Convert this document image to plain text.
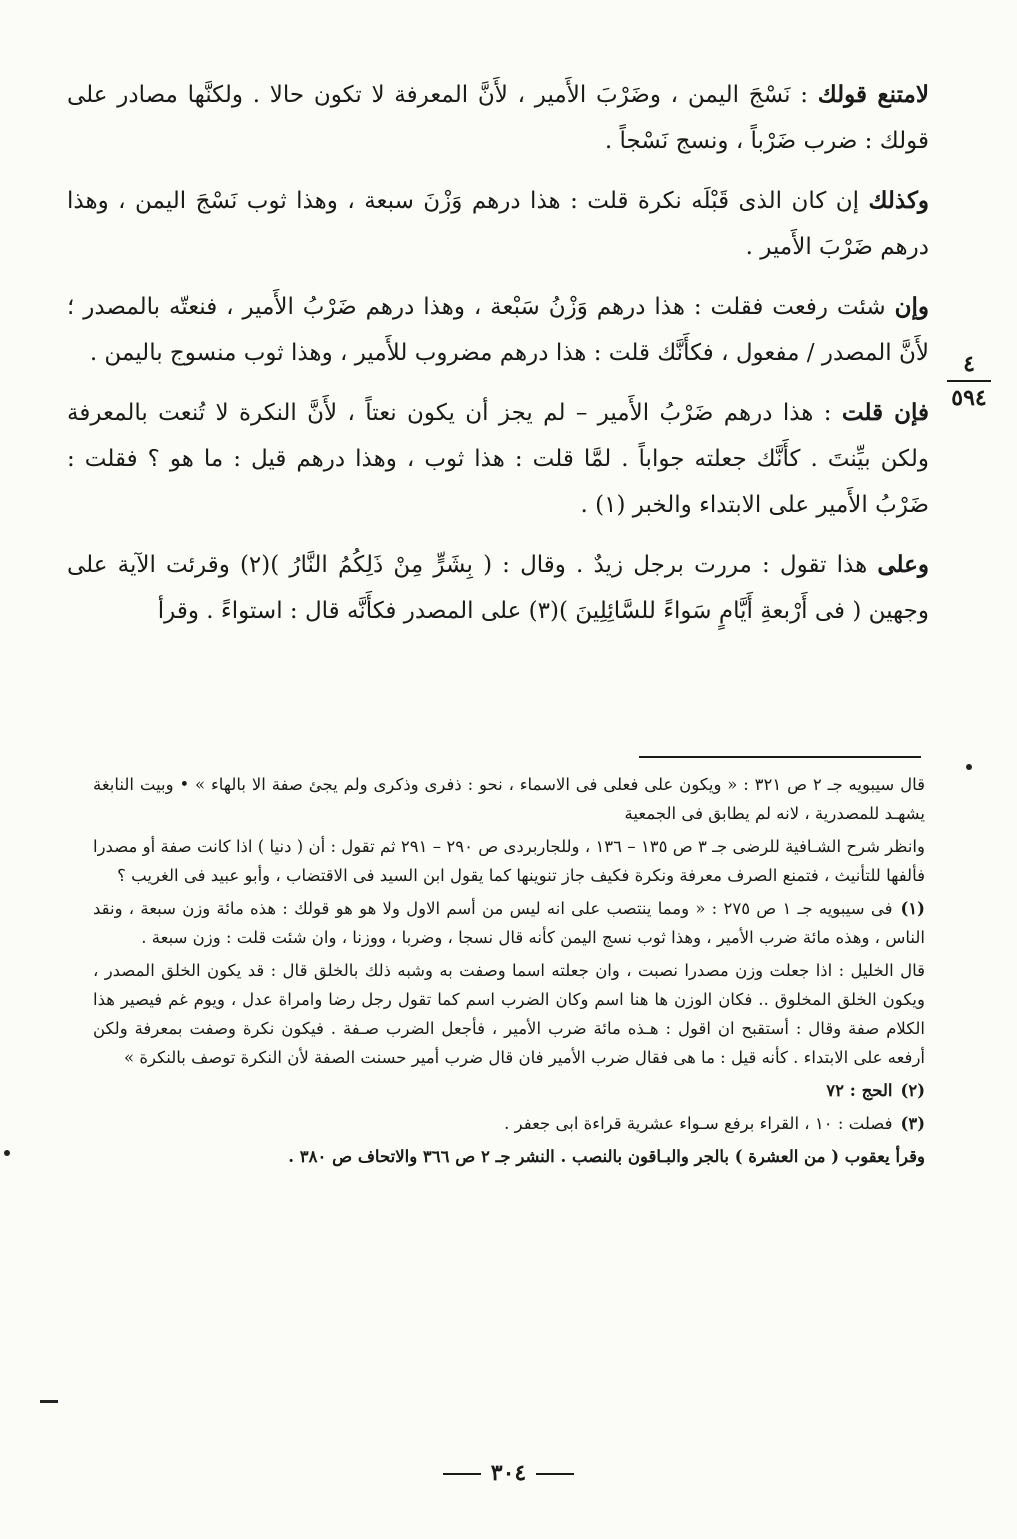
لامتنع قولك : نَسْجَ اليمن ، وضَرْبَ الأَمير ، لأَنَّ المعرفة لا تكون حالا . ولكنَّها مصادر على قولك : ضرب ضَرْباً ، ونسج نَسْجاً .

وكذلك إن كان الذى قَبْلَه نكرة قلت : هذا درهم وَزْنَ سبعة ، وهذا ثوب نَسْجَ اليمن ، وهذا درهم ضَرْبَ الأَمير .

وإن شئت رفعت فقلت : هذا درهم وَزْنُ سَبْعة ، وهذا درهم ضَرْبُ الأَمير ، فنعتّه بالمصدر ؛ لأَنَّ المصدر / مفعول ، فكأَنَّك قلت : هذا درهم مضروب للأَمير ، وهذا ثوب منسوج باليمن .

فإن قلت : هذا درهم ضَرْبُ الأَمير – لم يجز أن يكون نعتاً ، لأَنَّ النكرة لا تُنعت بالمعرفة ولكن بيِّنتَ . كأَنَّك جعلته جواباً . لمَّا قلت : هذا ثوب ، وهذا درهم قيل : ما هو ؟ فقلت : ضَرْبُ الأَمير على الابتداء والخبر (١) .

وعلى هذا تقول : مررت برجل زيدٌ . وقال : ( بِشَرٍّ مِنْ ذَلِكُمُ النَّارُ )(٢) وقرئت الآية على وجهين ( فى أَرْبعةِ أَيَّامٍ سَواءً للسَّائِلِينَ )(٣) على المصدر فكأَنَّه قال : استواءً . وقرأ

٤
٥٩٤

قال سيبويه جـ ٢ ص ٣٢١ : « ويكون على فعلى فى الاسماء ، نحو : ذفرى وذكرى ولم يجئ صفة الا بالهاء » • وبيت النابغة يشهـد للمصدرية ، لانه لم يطابق فى الجمعية

وانظر شرح الشـافية للرضى جـ ٣ ص ١٣٥ – ١٣٦ ، وللجاربردى ص ٢٩٠ – ٢٩١ ثم تقول : أن ( دنيا ) اذا كانت صفة أو مصدرا فألفها للتأنيث ، فتمنع الصرف معرفة ونكرة فكيف جاز تنوينها كما يقول ابن السيد فى الاقتضاب ، وأبو عبيد فى الغريب ؟

(١)فى سيبويه جـ ١ ص ٢٧٥ : « ومما ينتصب على انه ليس من أسم الاول ولا هو هو قولك : هذه مائة وزن سبعة ، ونقد الناس ، وهذه مائة ضرب الأمير ، وهذا ثوب نسج اليمن كأنه قال نسجا ، وضربا ، ووزنا ، وان شئت قلت : وزن سبعة .

قال الخليل : اذا جعلت وزن مصدرا نصبت ، وان جعلته اسما وصفت به وشبه ذلك بالخلق قال : قد يكون الخلق المصدر ، ويكون الخلق المخلوق .. فكان الوزن ها هنا اسم وكان الضرب اسم كما تقول رجل رضا وامراة عدل ، ويوم غم فيصير هذا الكلام صفة وقال : أستقبح ان اقول : هـذه مائة ضرب الأمير ، فأجعل الضرب صـفة . فيكون نكرة وصفت بمعرفة ولكن أرفعه على الابتداء . كأنه قيل : ما هى فقال ضرب الأمير فان قال ضرب أمير حسنت الصفة لأن النكرة توصف بالنكرة »

(٢)الحج : ٧٢

(٣)فصلت : ١٠ ، القراء برفع سـواء عشرية قراءة ابى جعفر .

وقرأ يعقوب ( من العشرة ) بالجر والبـاقون بالنصب . النشر جـ ٢ ص ٣٦٦ والاتحاف ص ٣٨٠ .

٣٠٤
